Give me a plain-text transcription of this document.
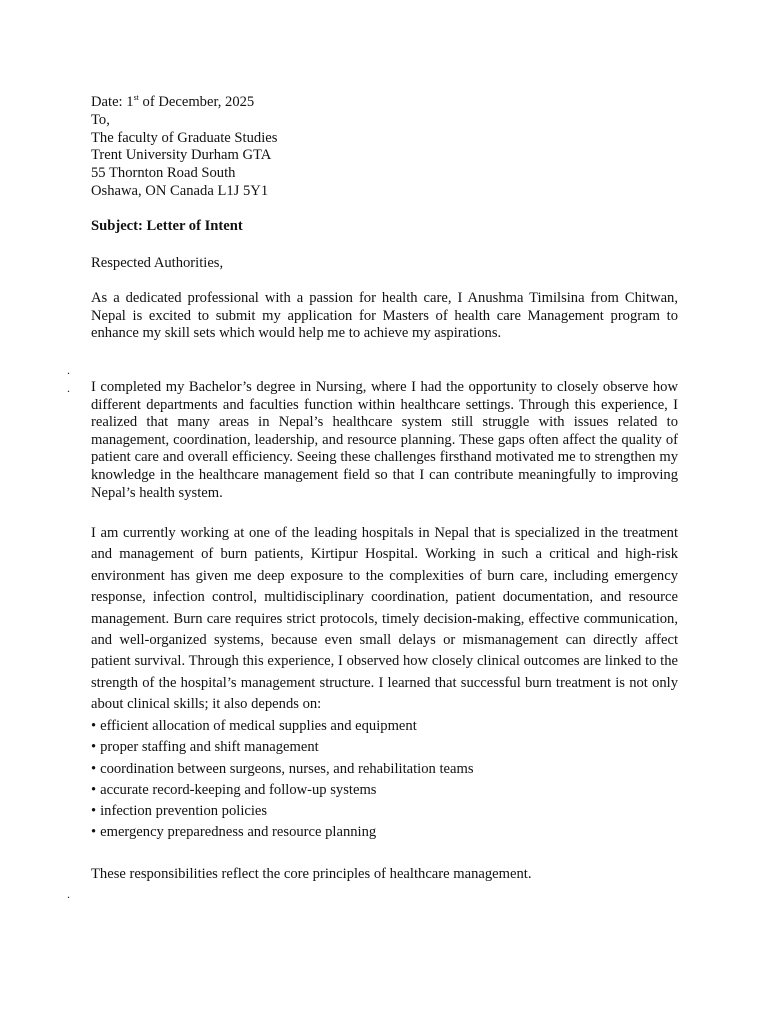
Date: 1st of December, 2025
To,
The faculty of Graduate Studies
Trent University Durham GTA
55 Thornton Road South
Oshawa, ON Canada L1J 5Y1
Subject: Letter of Intent
Respected Authorities,
As a dedicated professional with a passion for health care, I Anushma Timilsina from Chitwan, Nepal is excited to submit my application for Masters of health care Management program to enhance my skill sets which would help me to achieve my aspirations.
.
. I completed my Bachelor’s degree in Nursing, where I had the opportunity to closely observe how different departments and faculties function within healthcare settings. Through this experience, I realized that many areas in Nepal’s healthcare system still struggle with issues related to management, coordination, leadership, and resource planning. These gaps often affect the quality of patient care and overall efficiency. Seeing these challenges firsthand motivated me to strengthen my knowledge in the healthcare management field so that I can contribute meaningfully to improving Nepal’s health system.
I am currently working at one of the leading hospitals in Nepal that is specialized in the treatment and management of burn patients, Kirtipur Hospital. Working in such a critical and high-risk environment has given me deep exposure to the complexities of burn care, including emergency response, infection control, multidisciplinary coordination, patient documentation, and resource management. Burn care requires strict protocols, timely decision-making, effective communication, and well-organized systems, because even small delays or mismanagement can directly affect patient survival. Through this experience, I observed how closely clinical outcomes are linked to the strength of the hospital’s management structure. I learned that successful burn treatment is not only about clinical skills; it also depends on:
• efficient allocation of medical supplies and equipment
• proper staffing and shift management
• coordination between surgeons, nurses, and rehabilitation teams
• accurate record-keeping and follow-up systems
• infection prevention policies
• emergency preparedness and resource planning
These responsibilities reflect the core principles of healthcare management.
.
